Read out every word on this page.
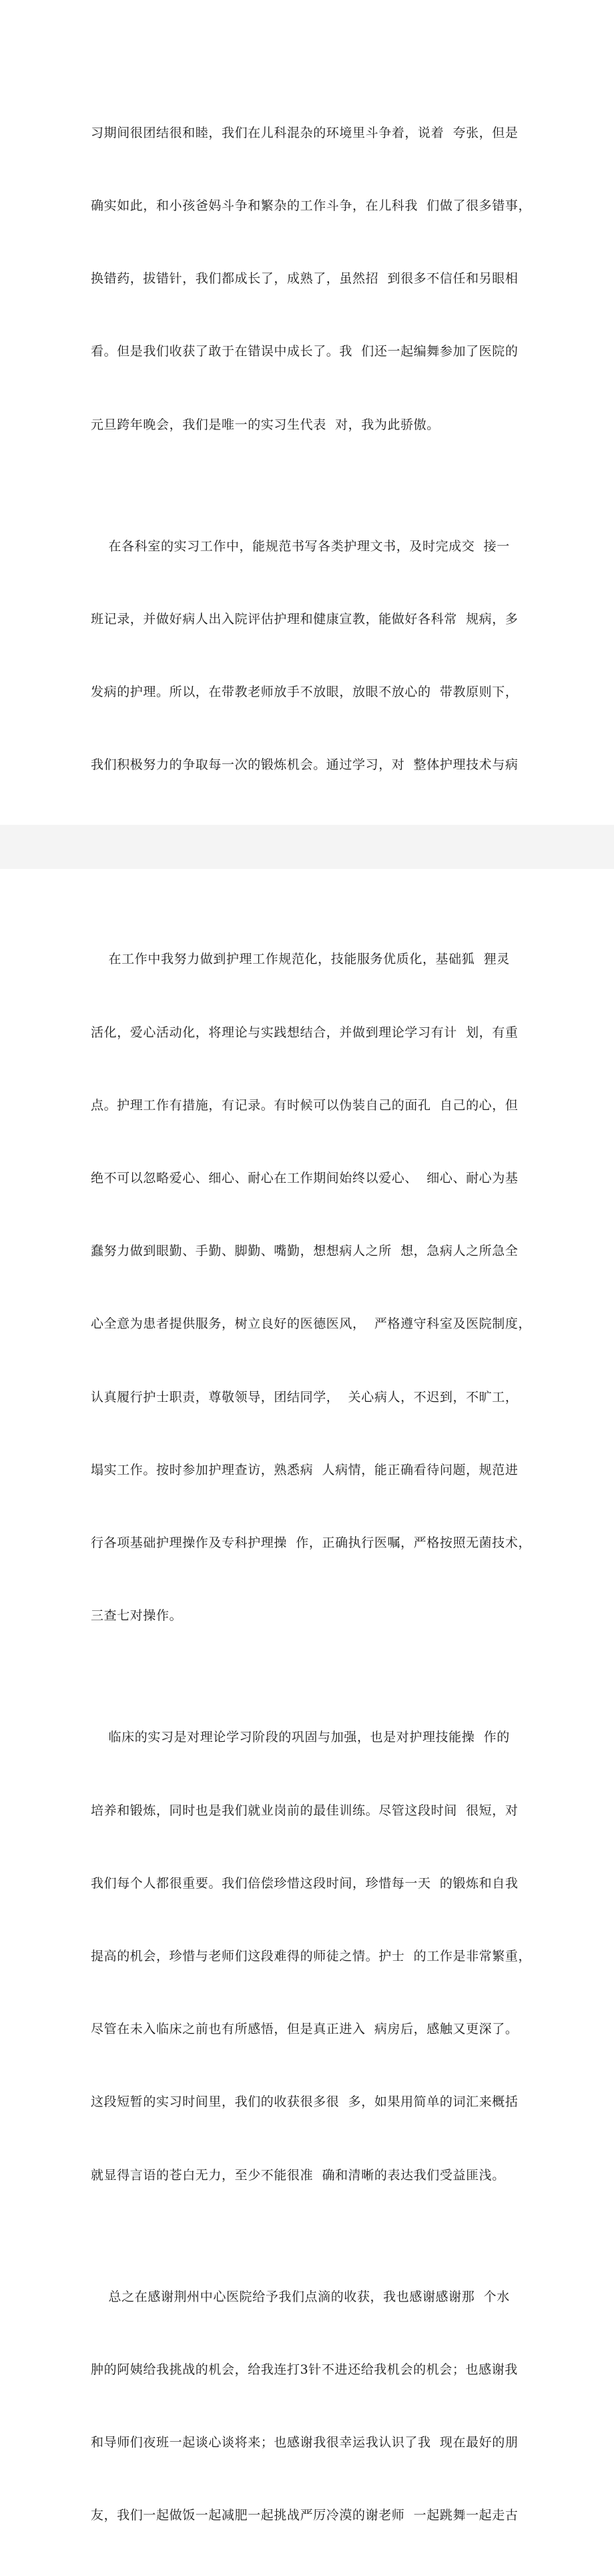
习期间很团结很和睦，我们在儿科混杂的环境里斗争着，说着  夸张，但是

确实如此，和小孩爸妈斗争和繁杂的工作斗争，在儿科我  们做了很多错事，

换错药，拔错针，我们都成长了，成熟了，虽然招  到很多不信任和另眼相

看。但是我们收获了敢于在错误中成长了。我  们还一起编舞参加了医院的

元旦跨年晚会，我们是唯一的实习生代表  对，我为此骄傲。

在各科室的实习工作中，能规范书写各类护理文书，及时完成交  接一

班记录，并做好病人出入院评估护理和健康宣教，能做好各科常  规病，多

发病的护理。所以，在带教老师放手不放眼，放眼不放心的  带教原则下，

我们积极努力的争取每一次的锻炼机会。通过学习，对  整体护理技术与病

在工作中我努力做到护理工作规范化，技能服务优质化，基础狐  狸灵

活化，爱心活动化，将理论与实践想结合，并做到理论学习有计  划，有重

点。护理工作有措施，有记录。有时候可以伪装自己的面孔  自己的心，但

绝不可以忽略爱心、细心、耐心在工作期间始终以爱心、  细心、耐心为基

蠢努力做到眼勤、手勤、脚勤、嘴勤，想想病人之所  想，急病人之所急全

心全意为患者提供服务，树立良好的医德医风，  严格遵守科室及医院制度，

认真履行护士职责，尊敬领导，团结同学，  关心病人，不迟到，不旷工，

塌实工作。按时参加护理查访，熟悉病  人病情，能正确看待问题，规范进

行各项基础护理操作及专科护理操  作，正确执行医嘱，严格按照无菌技术，

三查七对操作。

临床的实习是对理论学习阶段的巩固与加强，也是对护理技能操  作的

培养和锻炼，同时也是我们就业岗前的最佳训练。尽管这段时间  很短，对

我们每个人都很重要。我们倍偿珍惜这段时间，珍惜每一天  的锻炼和自我

提高的机会，珍惜与老师们这段难得的师徒之情。护士  的工作是非常繁重，

尽管在未入临床之前也有所感悟，但是真正进入  病房后，感触又更深了。

这段短暂的实习时间里，我们的收获很多很  多，如果用简单的词汇来概括

就显得言语的苍白无力，至少不能很准  确和清晰的表达我们受益匪浅。

总之在感谢荆州中心医院给予我们点滴的收获，我也感谢感谢那  个水

肿的阿姨给我挑战的机会，给我连打3针不进还给我机会的机会；也感谢我

和导师们夜班一起谈心谈将来；也感谢我很幸运我认识了我  现在最好的朋

友，我们一起做饭一起减肥一起挑战严厉冷漠的谢老师  一起跳舞一起走古
